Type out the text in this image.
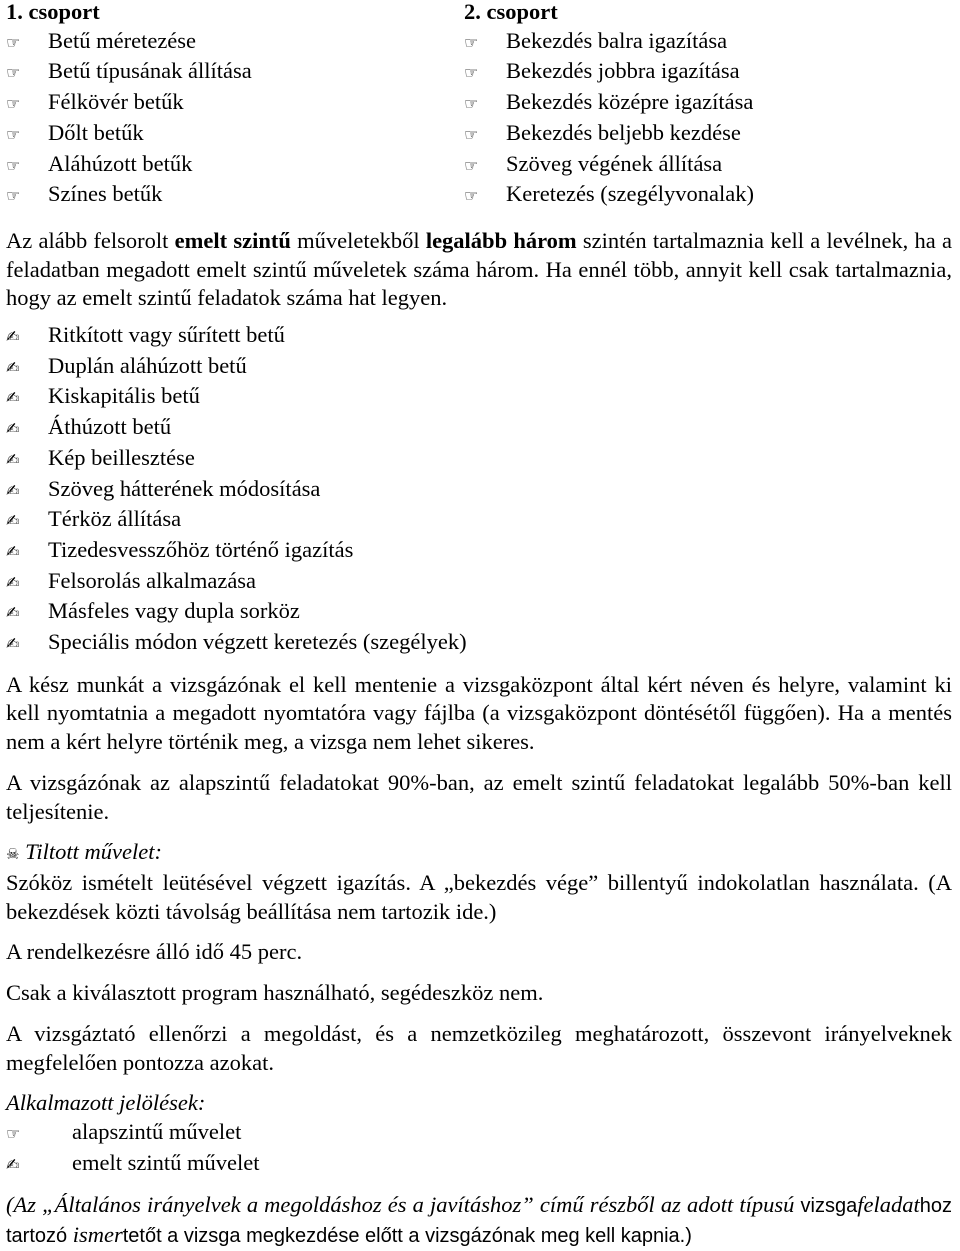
1. csoport
☞	Betű méretezése
☞	Betű típusának állítása
☞	Félkövér betűk
☞	Dőlt betűk
☞	Aláhúzott betűk
☞	Színes betűk
2. csoport
☞	Bekezdés balra igazítása
☞	Bekezdés jobbra igazítása
☞	Bekezdés középre igazítása
☞	Bekezdés beljebb kezdése
☞	Szöveg végének állítása
☞	Keretezés (szegélyvonalak)

Az alább felsorolt emelt szintű műveletekből legalább három szintén tartalmaznia kell a levélnek, ha a feladatban megadott emelt szintű műveletek száma három. Ha ennél több, annyit kell csak tartalmaznia, hogy az emelt szintű feladatok száma hat legyen.

✍	Ritkított vagy sűrített betű
✍	Duplán aláhúzott betű
✍	Kiskapitális betű
✍	Áthúzott betű
✍	Kép beillesztése
✍	Szöveg hátterének módosítása
✍	Térköz állítása
✍	Tizedesvesszőhöz történő igazítás
✍	Felsorolás alkalmazása
✍	Másfeles vagy dupla sorköz
✍	Speciális módon végzett keretezés (szegélyek)

A kész munkát a vizsgázónak el kell mentenie a vizsgaközpont által kért néven és helyre, valamint ki kell nyomtatnia a megadott nyomtatóra vagy fájlba (a vizsgaközpont döntésétől függően). Ha a mentés nem a kért helyre történik meg, a vizsga nem lehet sikeres.

A vizsgázónak az alapszintű feladatokat 90%-ban, az emelt szintű feladatokat legalább 50%-ban kell teljesítenie.

☠ Tiltott művelet:

Szóköz ismételt leütésével végzett igazítás. A „bekezdés vége” billentyű indokolatlan használata. (A bekezdések közti távolság beállítása nem tartozik ide.)

A rendelkezésre álló idő 45 perc.

Csak a kiválasztott program használható, segédeszköz nem.

A vizsgáztató ellenőrzi a megoldást, és a nemzetközileg meghatározott, összevont irányelveknek megfelelően pontozza azokat.

Alkalmazott jelölések:
☞	alapszintű művelet
✍	emelt szintű művelet

(Az „Általános irányelvek a megoldáshoz és a javításhoz” című részből az adott típusú vizsgafeladathoz tartozó ismertetőt a vizsga megkezdése előtt a vizsgázónak meg kell kapnia.)
